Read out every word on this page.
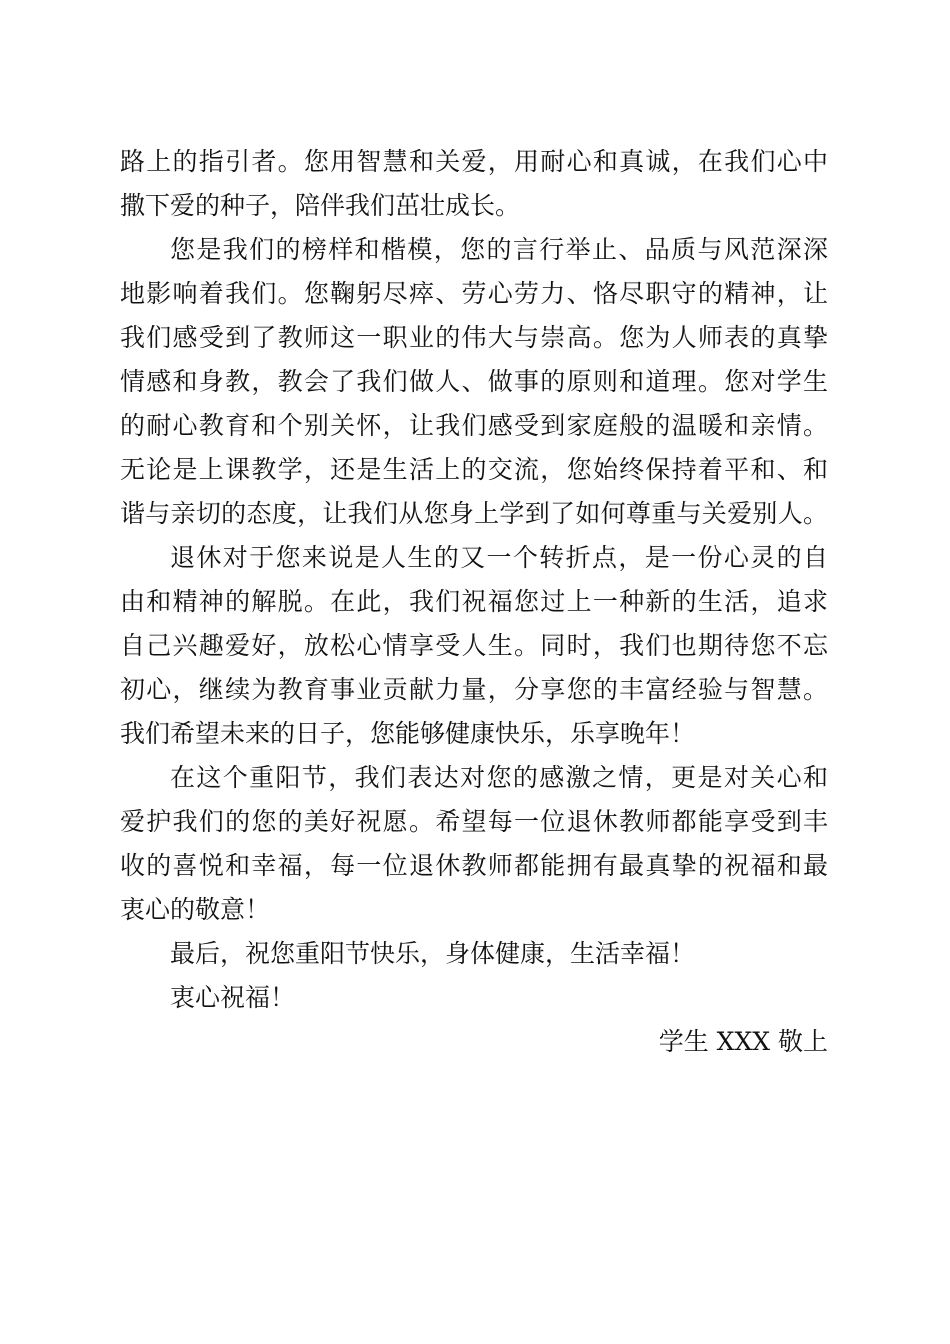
路上的指引者。您用智慧和关爱，用耐心和真诚，在我们心中

撒下爱的种子，陪伴我们茁壮成长。

您是我们的榜样和楷模，您的言行举止、品质与风范深深

地影响着我们。您鞠躬尽瘁、劳心劳力、恪尽职守的精神，让

我们感受到了教师这一职业的伟大与崇高。您为人师表的真挚

情感和身教，教会了我们做人、做事的原则和道理。您对学生

的耐心教育和个别关怀，让我们感受到家庭般的温暖和亲情。

无论是上课教学，还是生活上的交流，您始终保持着平和、和

谐与亲切的态度，让我们从您身上学到了如何尊重与关爱别人。

退休对于您来说是人生的又一个转折点，是一份心灵的自

由和精神的解脱。在此，我们祝福您过上一种新的生活，追求

自己兴趣爱好，放松心情享受人生。同时，我们也期待您不忘

初心，继续为教育事业贡献力量，分享您的丰富经验与智慧。

我们希望未来的日子，您能够健康快乐，乐享晚年！

在这个重阳节，我们表达对您的感激之情，更是对关心和

爱护我们的您的美好祝愿。希望每一位退休教师都能享受到丰

收的喜悦和幸福，每一位退休教师都能拥有最真挚的祝福和最

衷心的敬意！

最后，祝您重阳节快乐，身体健康，生活幸福！

衷心祝福！

学生 XXX 敬上
